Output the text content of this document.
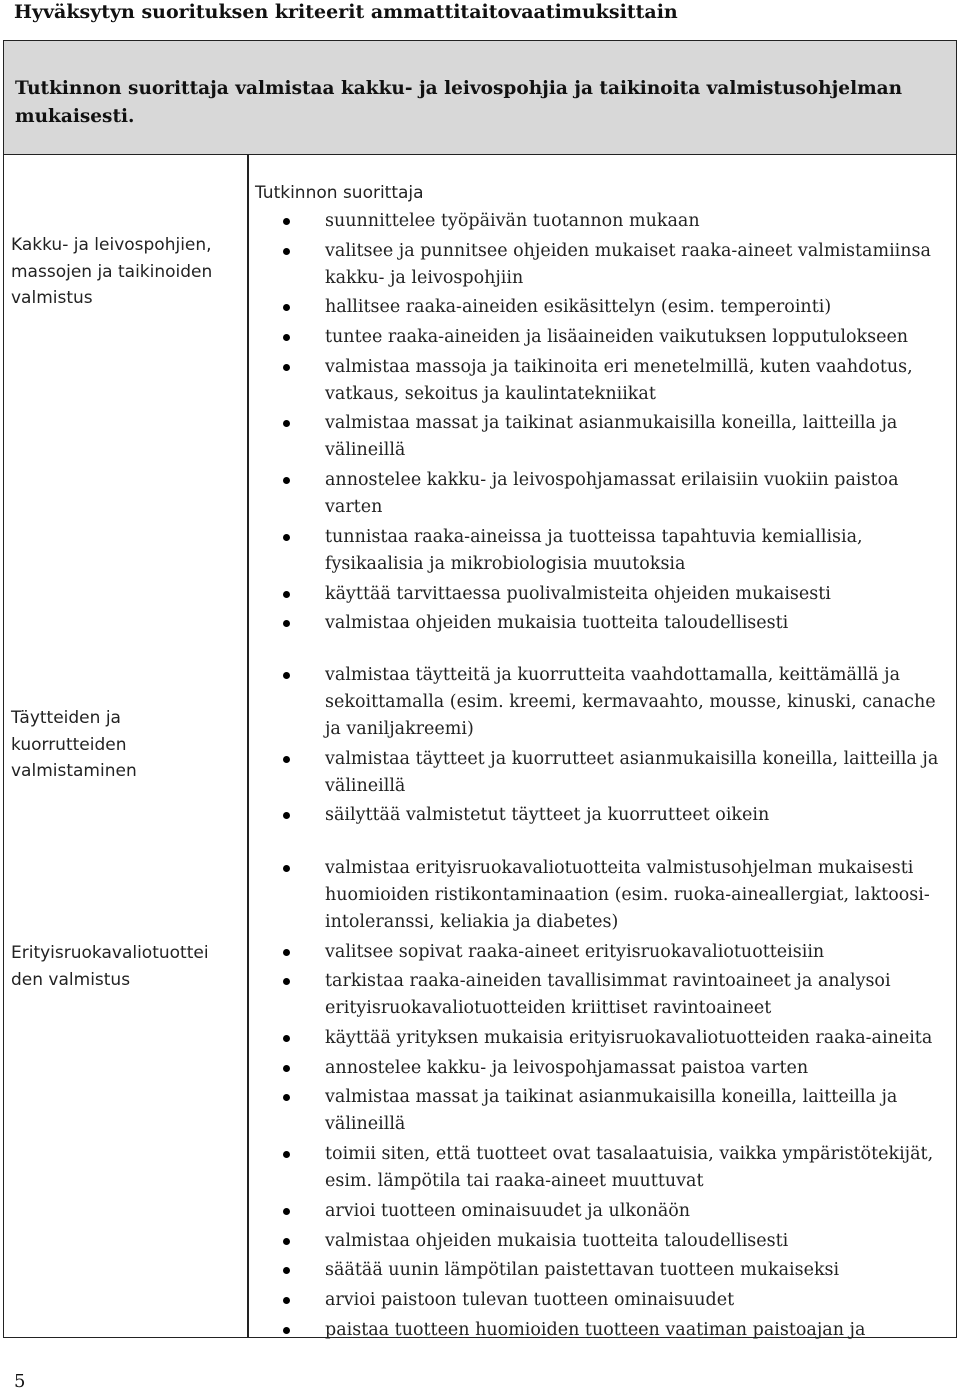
Hyväksytyn suorituksen kriteerit ammattitaitovaatimuksittain
Tutkinnon suorittaja valmistaa kakku- ja leivospohjia ja taikinoita valmistusohjelman mukaisesti.
Kakku- ja leivospohjien, massojen ja taikinoiden valmistus
Tutkinnon suorittaja
suunnittelee työpäivän tuotannon mukaan
valitsee ja punnitsee ohjeiden mukaiset raaka-aineet valmistamiinsa kakku- ja leivospohjiin
hallitsee raaka-aineiden esikäsittelyn (esim. temperointi)
tuntee raaka-aineiden ja lisäaineiden vaikutuksen lopputulokseen
valmistaa massoja ja taikinoita eri menetelmillä, kuten vaahdotus, vatkaus, sekoitus ja kaulintatekniikat
valmistaa massat ja taikinat asianmukaisilla koneilla, laitteilla ja välineillä
annostelee kakku- ja leivospohjamassat erilaisiin vuokiin paistoa varten
tunnistaa raaka-aineissa ja tuotteissa tapahtuvia kemiallisia, fysikaalisia ja mikrobiologisia muutoksia
käyttää tarvittaessa puolivalmisteita ohjeiden mukaisesti
valmistaa ohjeiden mukaisia tuotteita taloudellisesti
Täytteiden ja kuorrutteiden valmistaminen
valmistaa täytteitä ja kuorrutteita vaahdottamalla, keittämällä ja sekoittamalla (esim. kreemi, kermavaahto, mousse, kinuski, canache ja vaniljakreemi)
valmistaa täytteet ja kuorrutteet asianmukaisilla koneilla, laitteilla ja välineillä
säilyttää valmistetut täytteet ja kuorrutteet oikein
Erityisruokavaliotuottei den valmistus
valmistaa erityisruokavaliotuotteita valmistusohjelman mukaisesti huomioiden ristikontaminaation (esim. ruoka-aineallergiat, laktoosi-intoleranssi, keliakia ja diabetes)
valitsee sopivat raaka-aineet erityisruokavaliotuotteisiin
tarkistaa raaka-aineiden tavallisimmat ravintoaineet ja analysoi erityisruokavaliotuotteiden kriittiset ravintoaineet
käyttää yrityksen mukaisia erityisruokavaliotuotteiden raaka-aineita
annostelee kakku- ja leivospohjamassat paistoa varten
valmistaa massat ja taikinat asianmukaisilla koneilla, laitteilla ja välineillä
toimii siten, että tuotteet ovat tasalaatuisia, vaikka ympäristötekijät, esim. lämpötila tai raaka-aineet muuttuvat
arvioi tuotteen ominaisuudet ja ulkonäön
valmistaa ohjeiden mukaisia tuotteita taloudellisesti
säätää uunin lämpötilan paistettavan tuotteen mukaiseksi
arvioi paistoon tulevan tuotteen ominaisuudet
paistaa tuotteen huomioiden tuotteen vaatiman paistoajan ja
5
